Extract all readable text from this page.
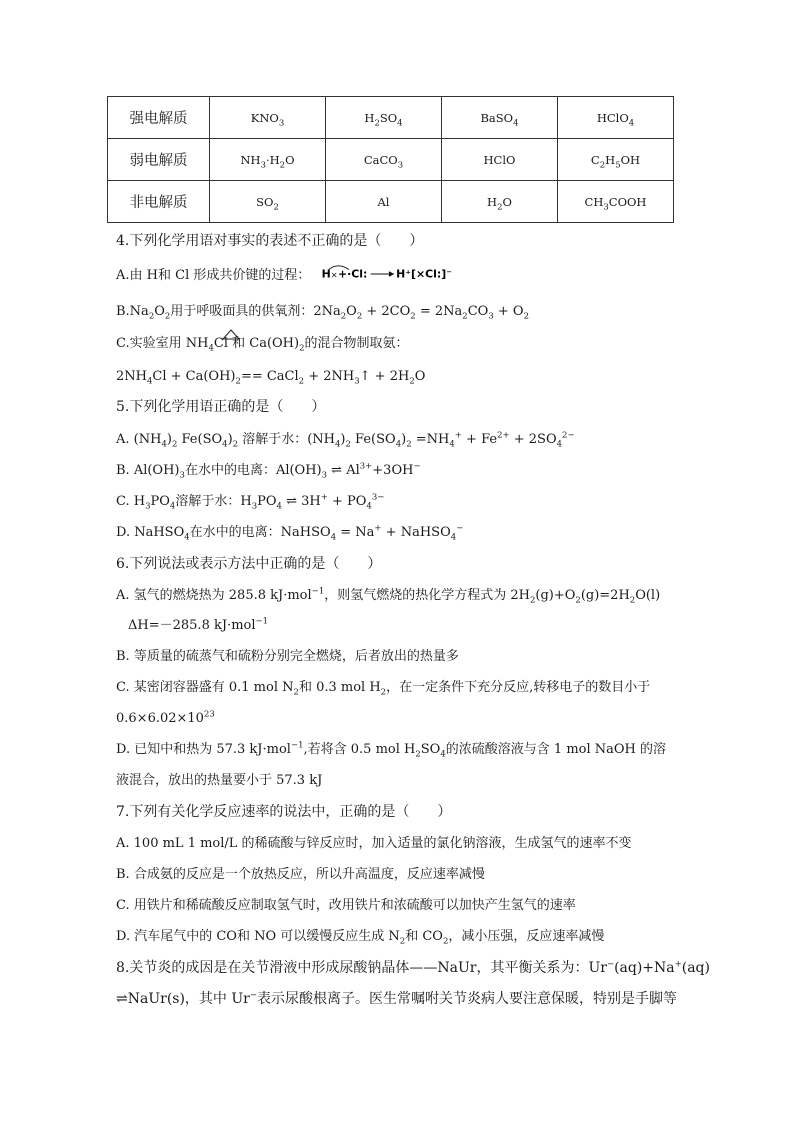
强电解质	$KNO_3$	$H_2SO_4$	BaSO$_4$	HClO$_4$
弱电解质	$NH_3\cdot H_2O$	CaCO$_3$	HClO	$C_2H_5OH$
非电解质	$SO_2$	Al	$H_2O$	$CH_3COOH$
4.下列化学用语对事实的表述不正确的是（　　）
A.由 H和 Cl 形成共价键的过程： H × + ·Cl: H⁺[×Cl:]⁻
$B.Na_2O_2$用于呼吸面具的供氧剂：$2Na_2O_2 + 2CO_2 = 2Na_2CO_3 + O_2$
C.实验室用 $NH_4Cl$ 和 $Ca(OH)_2$的混合物制取氨：
$2NH_4Cl + Ca(OH)_2==$ CaCl$_2$ + $2NH_3↑ + 2H_2O$
5.下列化学用语正确的是（　　）
A. $(NH_4)_2$ $Fe(SO_4)_2$ 溶解于水：$(NH_4)_2$ $Fe(SO_4)_2 =NH_4^+ + Fe^{2+} + 2SO_4^{2-}$
B. $Al(OH)_3$在水中的电离：$Al(OH)_3$ ⇌ $Al^{3+}+3OH^-$
C. $H_3PO_4$溶解于水：$H_3PO_4$ ⇌ $3H^+ + PO_4^{3-}$
D. NaHSO$_4$在水中的电离：NaHSO$_4$ = Na+ + NaHSO$_4$−
6.下列说法或表示方法中正确的是（　　）
A. 氢气的燃烧热为 285.8 kJ·mol$^{-1}$，则氢气燃烧的热化学方程式为 $2H_2(g)+O_2(g)=2H_2O(l)$
ΔH=－285.8 kJ·mol$^{-1}$
B. 等质量的硫蒸气和硫粉分别完全燃烧，后者放出的热量多
C. 某密闭容器盛有 0.1 mol $N_2$和 0.3 mol $H_2$，在一定条件下充分反应,转移电子的数目小于
$0.6\times 6.02\times 10^{23}$
D. 已知中和热为 57.3 kJ·mol$^{-1}$,若将含 0.5 mol $H_2SO_4$的浓硫酸溶液与含 1 mol NaOH 的溶
液混合，放出的热量要小于 57.3 kJ
7.下列有关化学反应速率的说法中，正确的是（　　）
A. 100 mL 1 mol/L 的稀硫酸与锌反应时，加入适量的氯化钠溶液，生成氢气的速率不变
B. 合成氨的反应是一个放热反应，所以升高温度，反应速率减慢
C. 用铁片和稀硫酸反应制取氢气时，改用铁片和浓硫酸可以加快产生氢气的速率
D. 汽车尾气中的 CO和 NO 可以缓慢反应生成 $N_2$和 $CO_2$，减小压强，反应速率减慢
8.关节炎的成因是在关节滑液中形成尿酸钠晶体——NaUr，其平衡关系为：Ur−(aq)+Na+(aq)
⇌NaUr(s)，其中 Ur−表示尿酸根离子。医生常嘱咐关节炎病人要注意保暖，特别是手脚等
